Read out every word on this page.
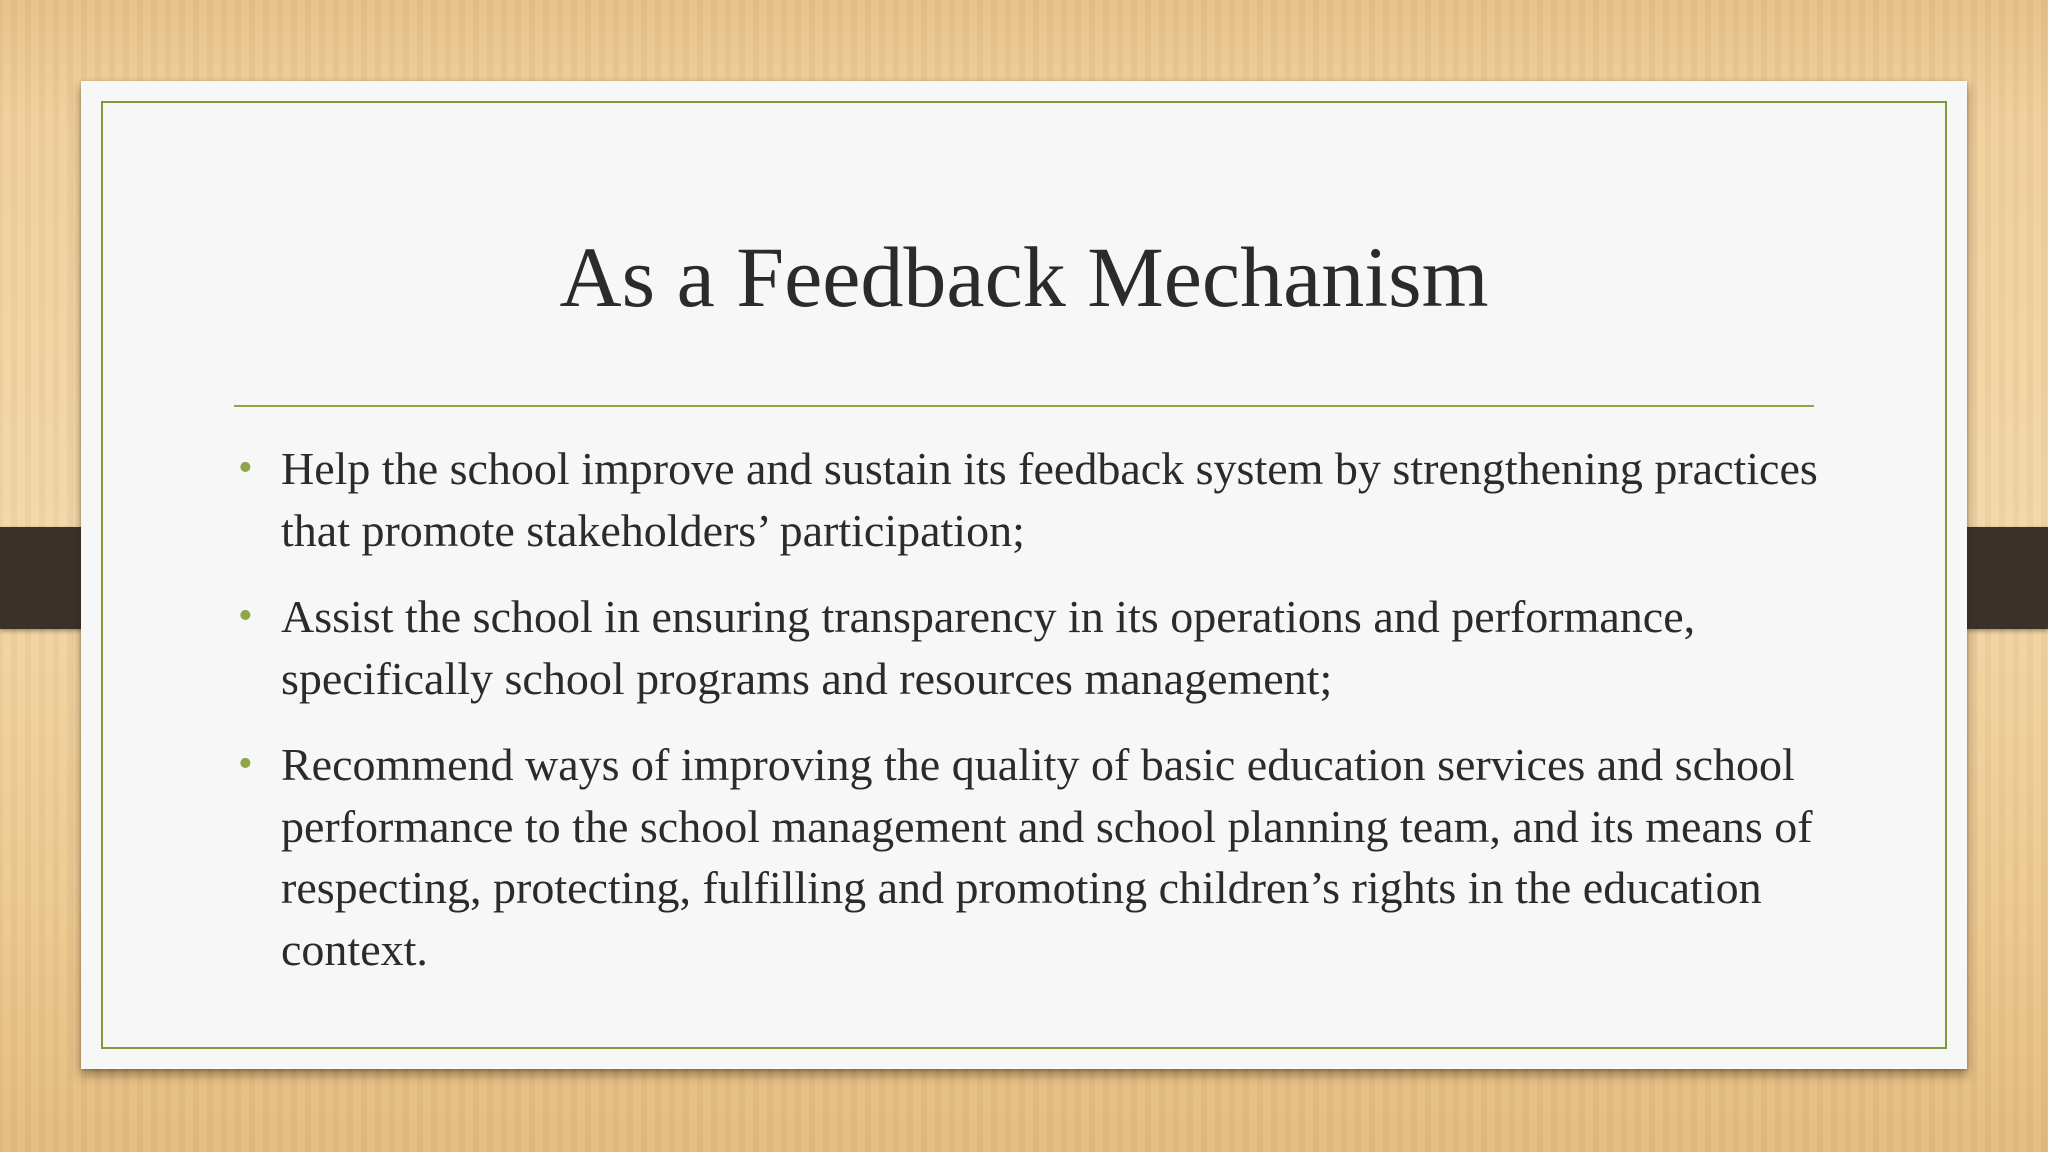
As a Feedback Mechanism
• Help the school improve and sustain its feedback system by strengthening practices that promote stakeholders’ participation;
• Assist the school in ensuring transparency in its operations and performance, specifically school programs and resources management;
• Recommend ways of improving the quality of basic education services and school performance to the school management and school planning team, and its means of respecting, protecting, fulfilling and promoting children’s rights in the education context.
